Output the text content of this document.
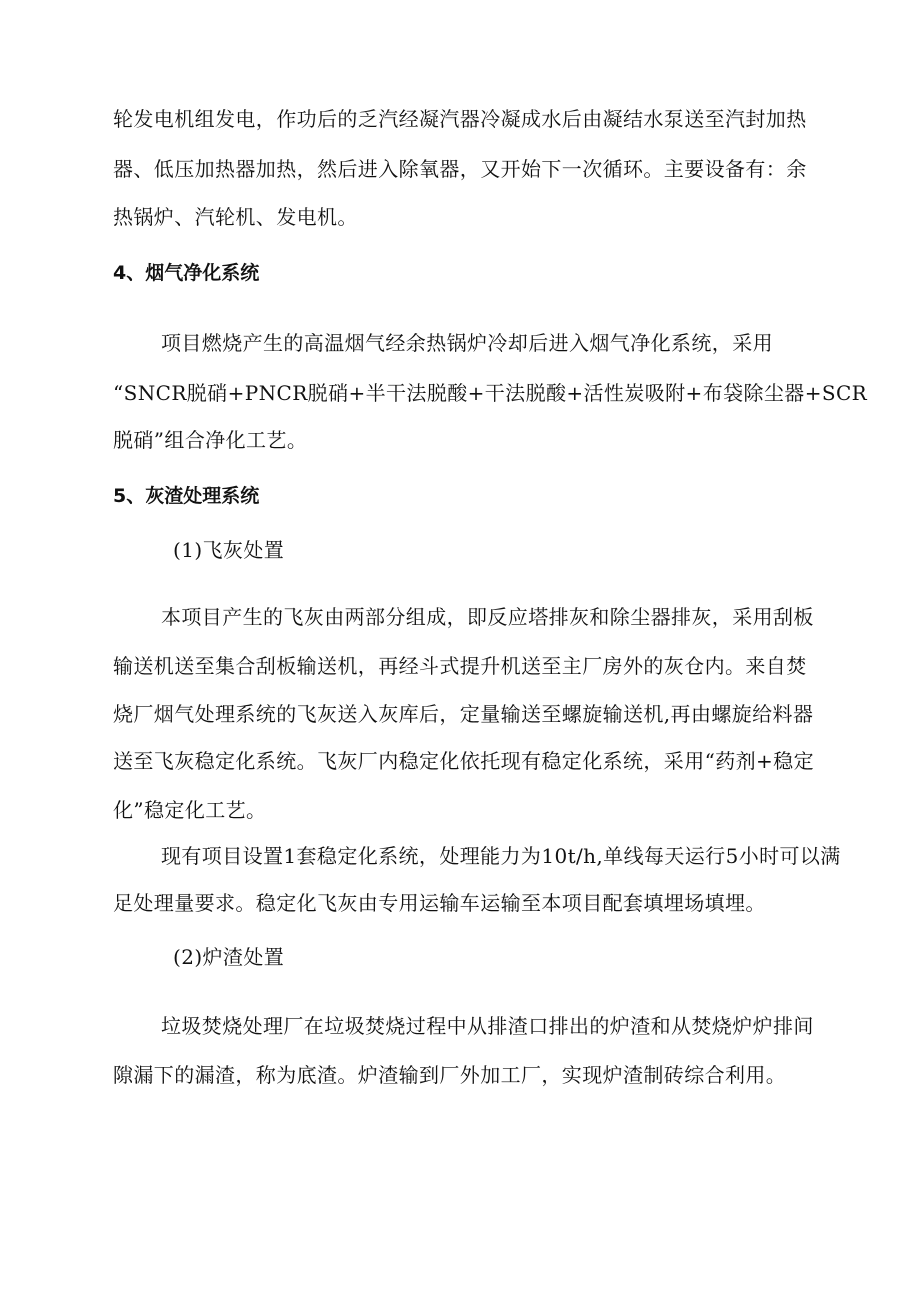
轮发电机组发电，作功后的乏汽经凝汽器冷凝成水后由凝结水泵送至汽封加热
器、低压加热器加热，然后进入除氧器，又开始下一次循环。主要设备有：余
热锅炉、汽轮机、发电机。
4、烟气净化系统
项目燃烧产生的高温烟气经余热锅炉冷却后进入烟气净化系统，采用
“SNCR脱硝+PNCR脱硝+半干法脱酸+干法脱酸+活性炭吸附+布袋除尘器+SCR
脱硝”组合净化工艺。
5、灰渣处理系统
(1)飞灰处置
本项目产生的飞灰由两部分组成，即反应塔排灰和除尘器排灰，采用刮板
输送机送至集合刮板输送机，再经斗式提升机送至主厂房外的灰仓内。来自焚
烧厂烟气处理系统的飞灰送入灰库后，定量输送至螺旋输送机,再由螺旋给料器
送至飞灰稳定化系统。飞灰厂内稳定化依托现有稳定化系统，采用“药剂+稳定
化”稳定化工艺。
现有项目设置1套稳定化系统，处理能力为10t/h,单线每天运行5小时可以满
足处理量要求。稳定化飞灰由专用运输车运输至本项目配套填埋场填埋。
(2)炉渣处置
垃圾焚烧处理厂在垃圾焚烧过程中从排渣口排出的炉渣和从焚烧炉炉排间
隙漏下的漏渣，称为底渣。炉渣输到厂外加工厂，实现炉渣制砖综合利用。
